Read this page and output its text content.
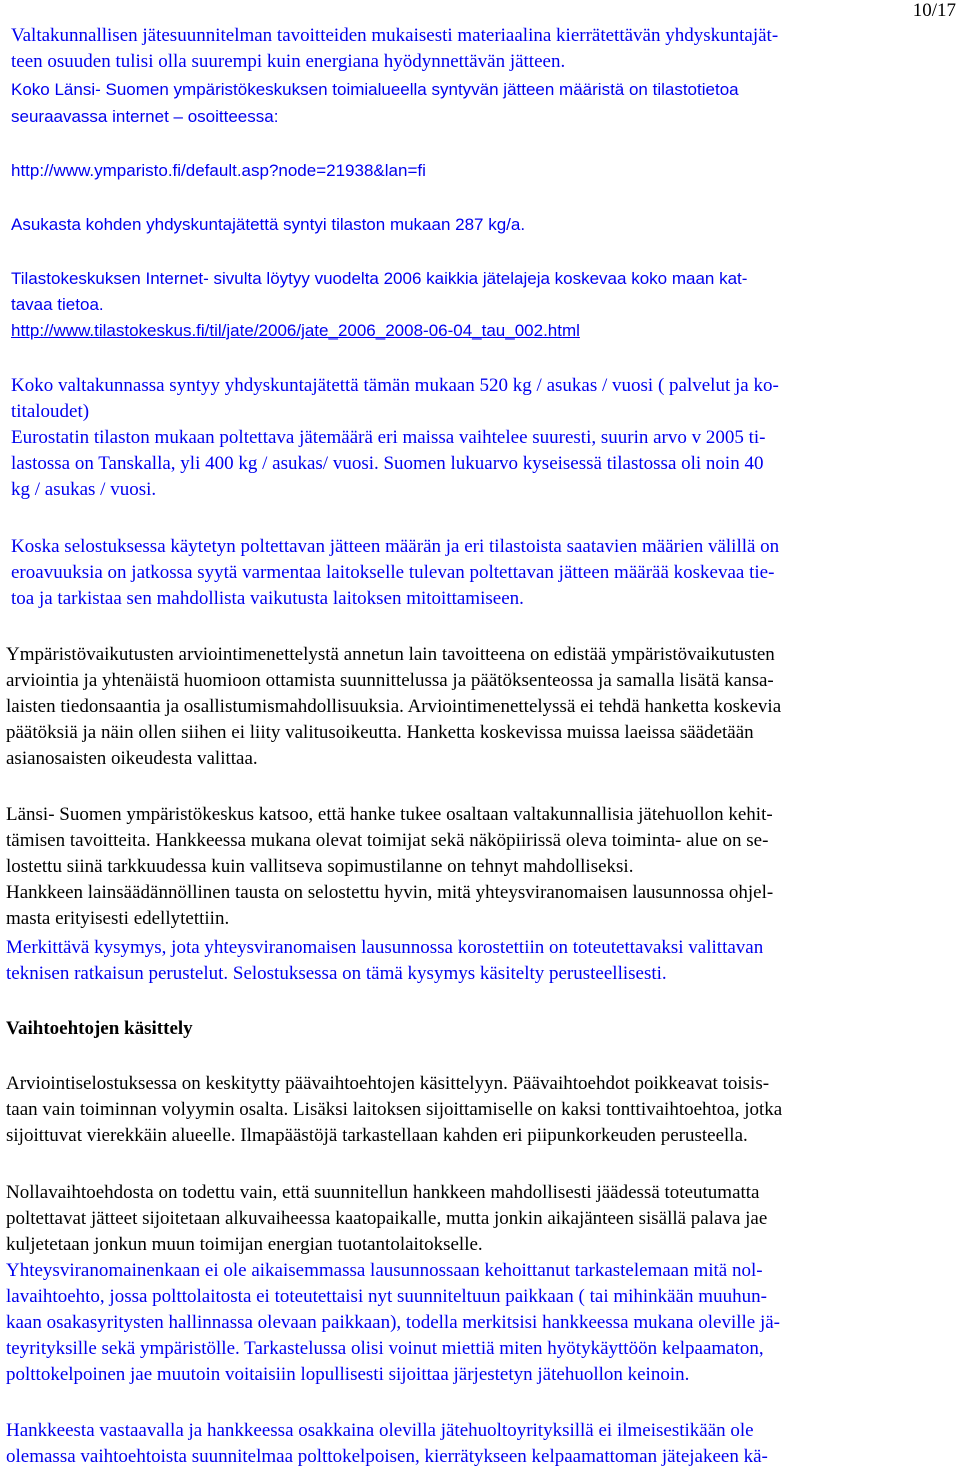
10/17

Valtakunnallisen jätesuunnitelman tavoitteiden mukaisesti materiaalina kierrätettävän yhdyskuntajät-

teen osuuden tulisi olla suurempi kuin energiana hyödynnettävän jätteen.

Koko Länsi- Suomen ympäristökeskuksen toimialueella syntyvän jätteen määristä on tilastotietoa

seuraavassa internet – osoitteessa:

http://www.ymparisto.fi/default.asp?node=21938&lan=fi

Asukasta kohden yhdyskuntajätettä syntyi tilaston mukaan 287 kg/a.

Tilastokeskuksen Internet- sivulta löytyy vuodelta 2006 kaikkia jätelajeja koskevaa koko maan kat-

tavaa tietoa.

http://www.tilastokeskus.fi/til/jate/2006/jate_2006_2008-06-04_tau_002.html

Koko valtakunnassa syntyy yhdyskuntajätettä tämän mukaan 520 kg / asukas / vuosi ( palvelut ja ko-

titaloudet)

Eurostatin tilaston mukaan poltettava jätemäärä eri maissa vaihtelee suuresti, suurin arvo v 2005 ti-

lastossa on Tanskalla, yli 400 kg / asukas/ vuosi. Suomen lukuarvo kyseisessä tilastossa oli noin 40

kg / asukas / vuosi.

Koska selostuksessa käytetyn poltettavan jätteen määrän ja eri tilastoista saatavien määrien välillä on

eroavuuksia on jatkossa syytä varmentaa laitokselle tulevan poltettavan jätteen määrää koskevaa tie-

toa ja tarkistaa sen mahdollista vaikutusta laitoksen mitoittamiseen.

Ympäristövaikutusten arviointimenettelystä annetun lain tavoitteena on edistää ympäristövaikutusten

arviointia ja yhtenäistä huomioon ottamista suunnittelussa ja päätöksenteossa ja samalla lisätä kansa-

laisten tiedonsaantia ja osallistumismahdollisuuksia. Arviointimenettelyssä ei tehdä hanketta koskevia

päätöksiä ja näin ollen siihen ei liity valitusoikeutta. Hanketta koskevissa muissa laeissa säädetään

asianosaisten oikeudesta valittaa.

Länsi- Suomen ympäristökeskus katsoo, että hanke tukee osaltaan valtakunnallisia jätehuollon kehit-

tämisen tavoitteita. Hankkeessa mukana olevat toimijat sekä näköpiirissä oleva toiminta- alue on se-

lostettu siinä tarkkuudessa kuin vallitseva sopimustilanne on tehnyt mahdolliseksi.

Hankkeen lainsäädännöllinen tausta on selostettu hyvin, mitä yhteysviranomaisen lausunnossa ohjel-

masta erityisesti edellytettiin.

Merkittävä kysymys, jota yhteysviranomaisen lausunnossa korostettiin on toteutettavaksi valittavan

teknisen ratkaisun perustelut. Selostuksessa on tämä kysymys käsitelty perusteellisesti.

Vaihtoehtojen käsittely

Arviointiselostuksessa on keskitytty päävaihtoehtojen käsittelyyn. Päävaihtoehdot poikkeavat toisis-

taan vain toiminnan volyymin osalta. Lisäksi laitoksen sijoittamiselle on kaksi tonttivaihtoehtoa, jotka

sijoittuvat vierekkäin alueelle. Ilmapäästöjä tarkastellaan kahden eri piipunkorkeuden perusteella.

Nollavaihtoehdosta on todettu vain, että suunnitellun hankkeen mahdollisesti jäädessä toteutumatta

poltettavat jätteet sijoitetaan alkuvaiheessa kaatopaikalle, mutta jonkin aikajänteen sisällä palava jae

kuljetetaan jonkun muun toimijan energian tuotantolaitokselle.

Yhteysviranomainenkaan ei ole aikaisemmassa lausunnossaan kehoittanut tarkastelemaan mitä nol-

lavaihtoehto, jossa polttolaitosta ei toteutettaisi nyt suunniteltuun paikkaan ( tai mihinkään muuhun-

kaan osakasyritysten hallinnassa olevaan paikkaan), todella merkitsisi hankkeessa mukana oleville jä-

teyrityksille sekä ympäristölle. Tarkastelussa olisi voinut miettiä miten hyötykäyttöön kelpaamaton,

polttokelpoinen jae muutoin voitaisiin lopullisesti sijoittaa järjestetyn jätehuollon keinoin.

Hankkeesta vastaavalla ja hankkeessa osakkaina olevilla jätehuoltoyrityksillä ei ilmeisestikään ole

olemassa vaihtoehtoista suunnitelmaa polttokelpoisen, kierrätykseen kelpaamattoman jätejakeen kä-
